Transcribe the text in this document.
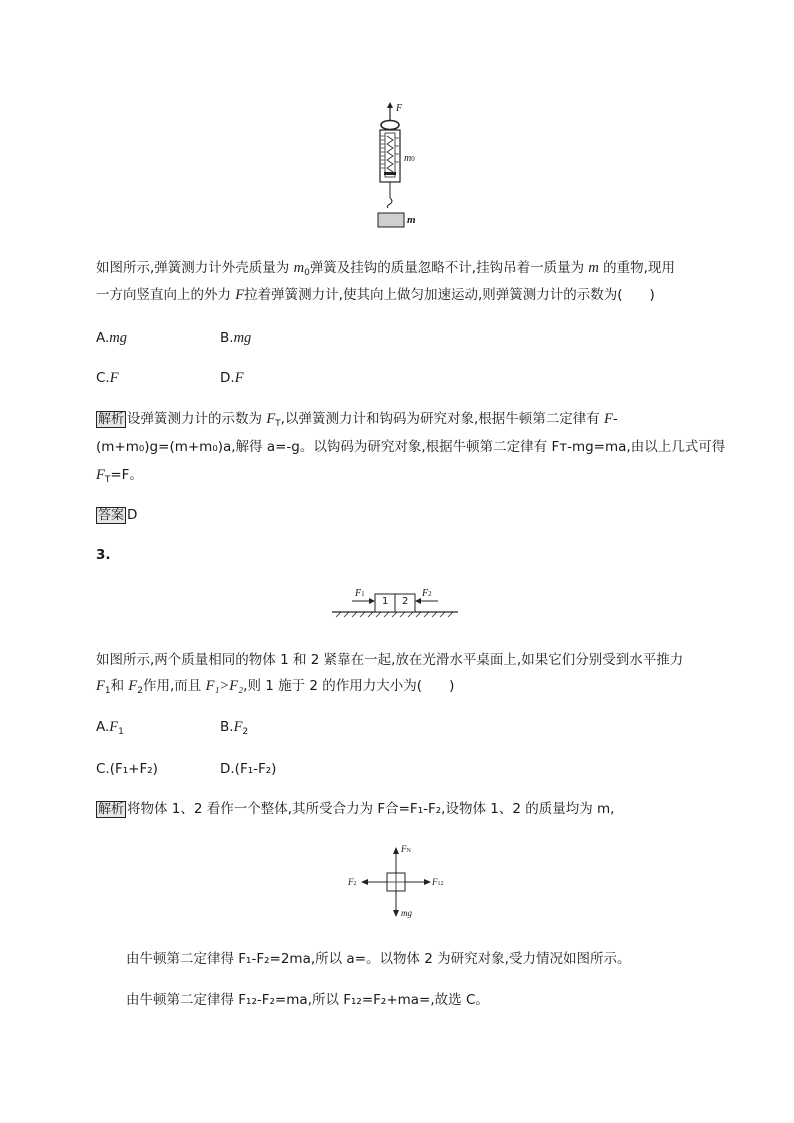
F
m0
m
如图所示,弹簧测力计外壳质量为 $m_0$弹簧及挂钩的质量忽略不计,挂钩吊着一质量为 m 的重物,现用
一方向竖直向上的外力 F拉着弹簧测力计,使其向上做匀加速运动,则弹簧测力计的示数为(　　)
A.mg	B.mg
C.F	D.F
解析 设弹簧测力计的示数为 $F_T$,以弹簧测力计和钩码为研究对象,根据牛顿第二定律有 F-
(m+m₀)g=(m+m₀)a,解得 a=-g。以钩码为研究对象,根据牛顿第二定律有 Fᴛ-mg=ma,由以上几式可得
$F_T=F$。
答案 D
3.
F1	F2
1 2
如图所示,两个质量相同的物体 1 和 2 紧靠在一起,放在光滑水平桌面上,如果它们分别受到水平推力
$F_1$和 $F_2$作用,而且 F₁>F₂,则 1 施于 2 的作用力大小为(　　)
$A.F_1$	$B.F_2$
C.(F₁+F₂)	D.(F₁-F₂)
解析 将物体 1、2 看作一个整体,其所受合力为 F合=F₁-F₂,设物体 1、2 的质量均为 m,
FN
F2	F12
mg
由牛顿第二定律得 F₁-F₂=2ma,所以 a=。以物体 2 为研究对象,受力情况如图所示。
由牛顿第二定律得 F₁₂-F₂=ma,所以 F₁₂=F₂+ma=,故选 C。
